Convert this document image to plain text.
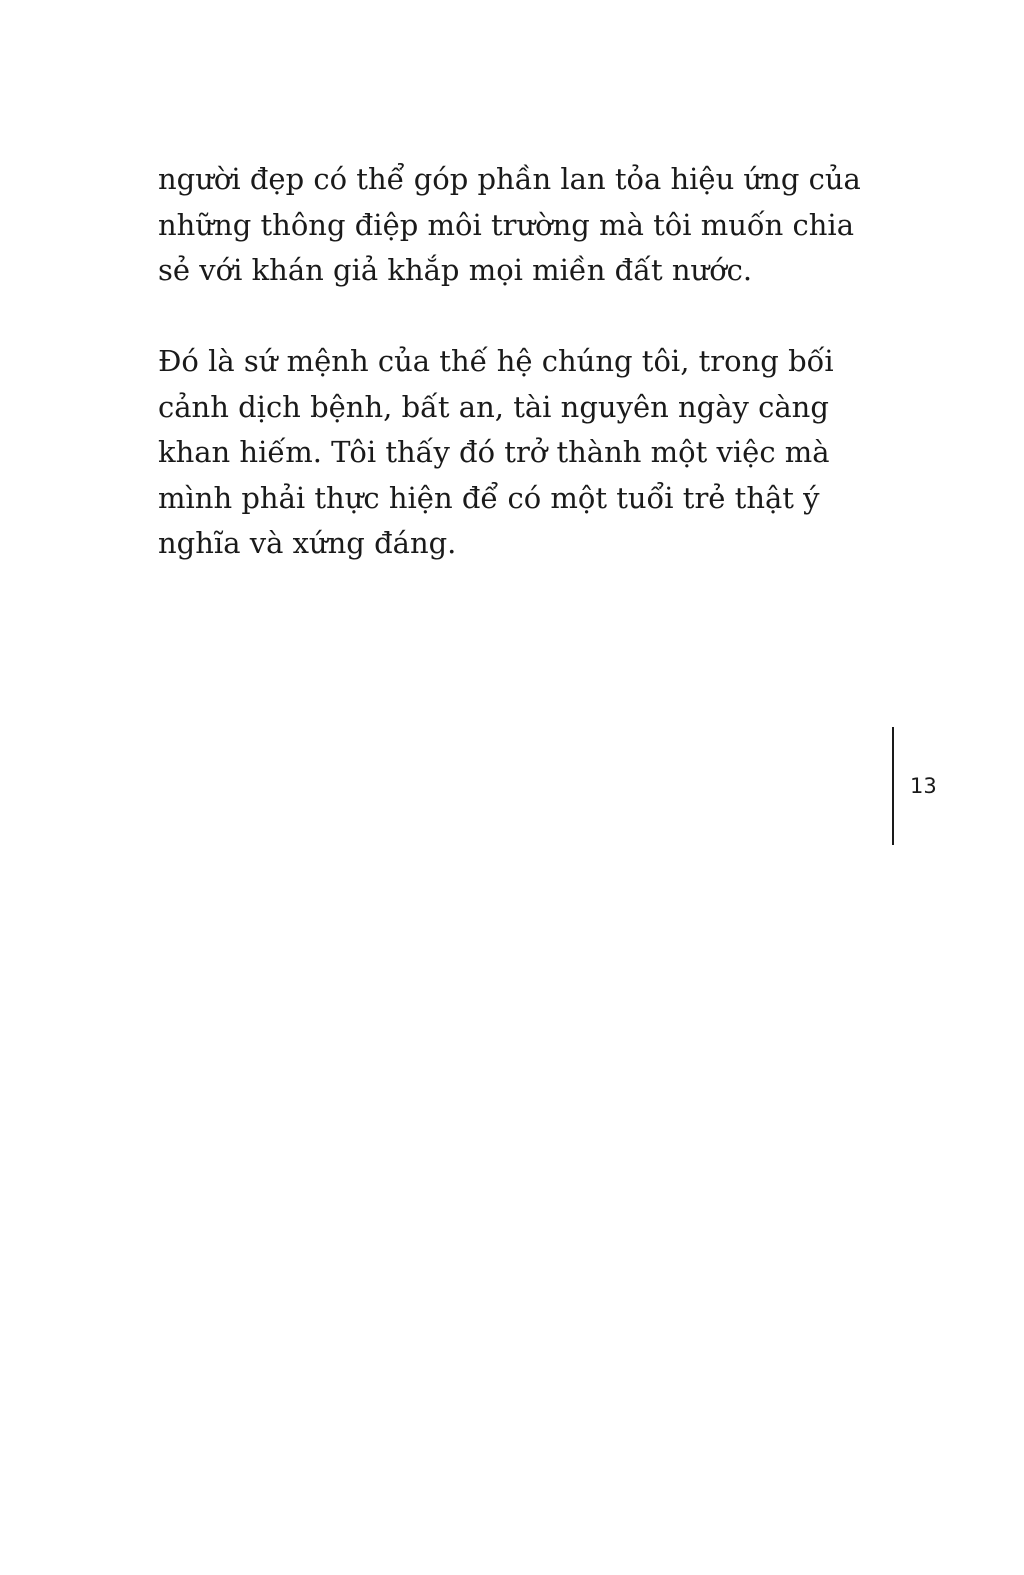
người đẹp có thể góp phần lan tỏa hiệu ứng của
những thông điệp môi trường mà tôi muốn chia
sẻ với khán giả khắp mọi miền đất nước.
Đó là sứ mệnh của thế hệ chúng tôi, trong bối
cảnh dịch bệnh, bất an, tài nguyên ngày càng
khan hiếm. Tôi thấy đó trở thành một việc mà
mình phải thực hiện để có một tuổi trẻ thật ý
nghĩa và xứng đáng.
13
